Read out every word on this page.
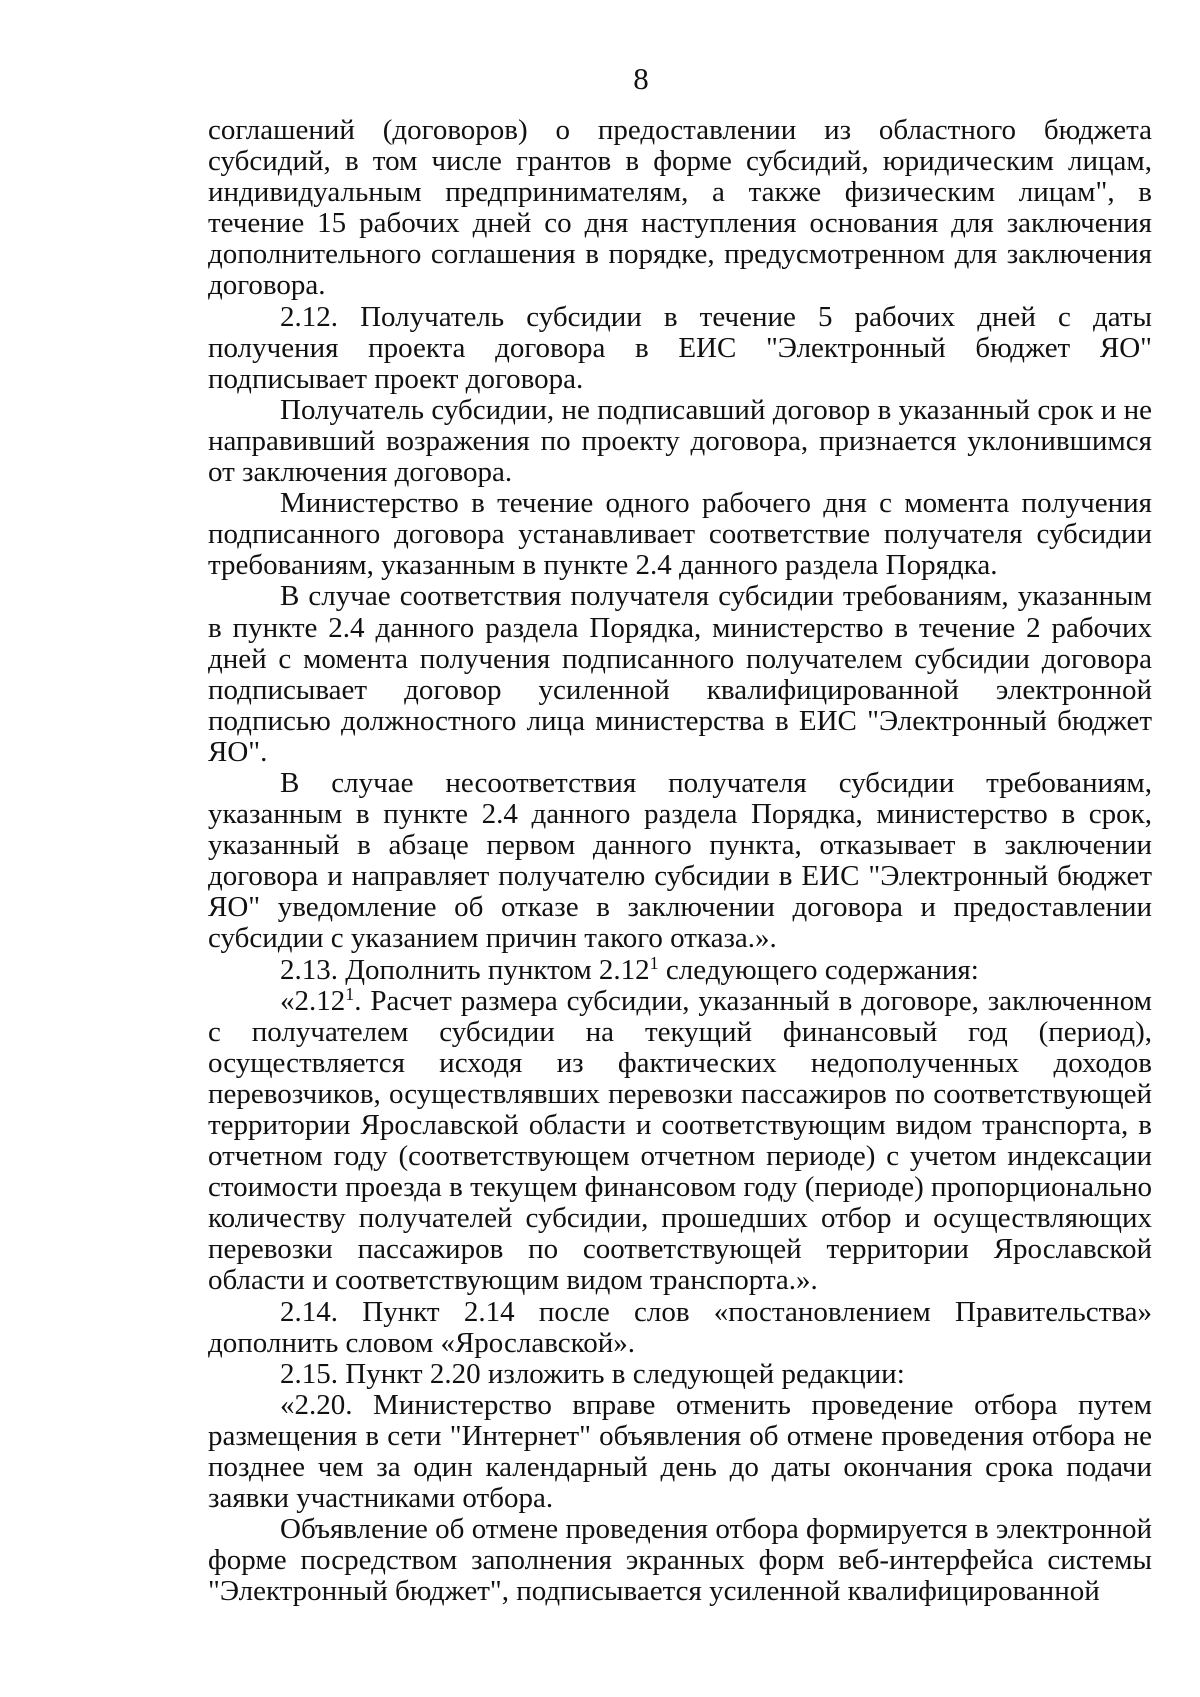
8

соглашений (договоров) о предоставлении из областного бюджета субсидий, в том числе грантов в форме субсидий, юридическим лицам, индивидуальным предпринимателям, а также физическим лицам", в течение 15 рабочих дней со дня наступления основания для заключения дополнительного соглашения в порядке, предусмотренном для заключения договора.

2.12. Получатель субсидии в течение 5 рабочих дней с даты получения проекта договора в ЕИС "Электронный бюджет ЯО" подписывает проект договора.

Получатель субсидии, не подписавший договор в указанный срок и не направивший возражения по проекту договора, признается уклонившимся от заключения договора.

Министерство в течение одного рабочего дня с момента получения подписанного договора устанавливает соответствие получателя субсидии требованиям, указанным в пункте 2.4 данного раздела Порядка.

В случае соответствия получателя субсидии требованиям, указанным в пункте 2.4 данного раздела Порядка, министерство в течение 2 рабочих дней с момента получения подписанного получателем субсидии договора подписывает договор усиленной квалифицированной электронной подписью должностного лица министерства в ЕИС "Электронный бюджет ЯО".

В случае несоответствия получателя субсидии требованиям, указанным в пункте 2.4 данного раздела Порядка, министерство в срок, указанный в абзаце первом данного пункта, отказывает в заключении договора и направляет получателю субсидии в ЕИС "Электронный бюджет ЯО" уведомление об отказе в заключении договора и предоставлении субсидии с указанием причин такого отказа.».

2.13. Дополнить пунктом 2.12$^1$ следующего содержания:

«2.12$^1$. Расчет размера субсидии, указанный в договоре, заключенном с получателем субсидии на текущий финансовый год (период), осуществляется исходя из фактических недополученных доходов перевозчиков, осуществлявших перевозки пассажиров по соответствующей территории Ярославской области и соответствующим видом транспорта, в отчетном году (соответствующем отчетном периоде) с учетом индексации стоимости проезда в текущем финансовом году (периоде) пропорционально количеству получателей субсидии, прошедших отбор и осуществляющих перевозки пассажиров по соответствующей территории Ярославской области и соответствующим видом транспорта.».

2.14. Пункт 2.14 после слов «постановлением Правительства» дополнить словом «Ярославской».

2.15. Пункт 2.20 изложить в следующей редакции:

«2.20. Министерство вправе отменить проведение отбора путем размещения в сети "Интернет" объявления об отмене проведения отбора не позднее чем за один календарный день до даты окончания срока подачи заявки участниками отбора.

Объявление об отмене проведения отбора формируется в электронной форме посредством заполнения экранных форм веб-интерфейса системы "Электронный бюджет", подписывается усиленной квалифицированной
